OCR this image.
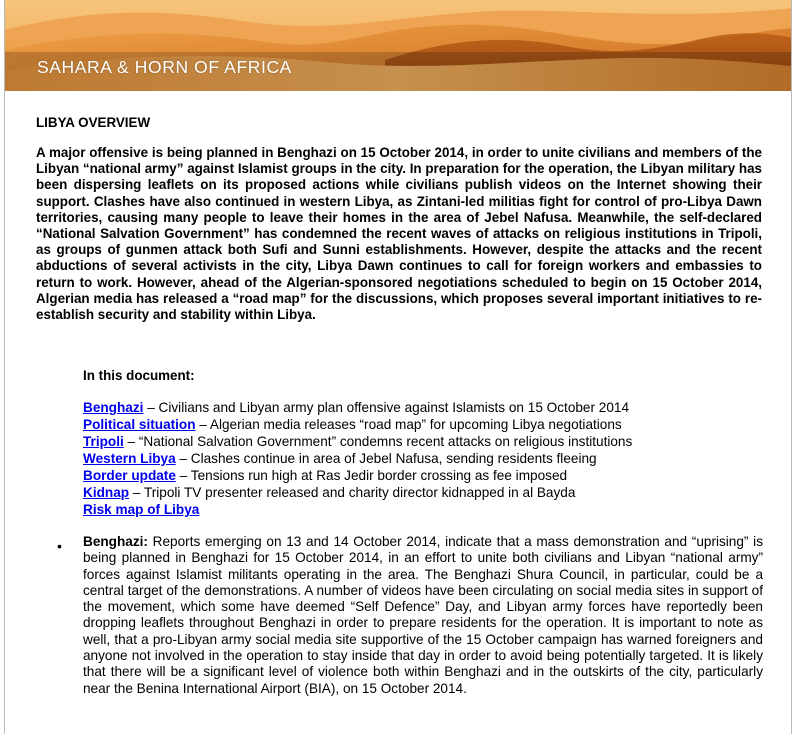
SAHARA & HORN OF AFRICA
LIBYA OVERVIEW

A major offensive is being planned in Benghazi on 15 October 2014, in order to unite civilians and members of the Libyan “national army” against Islamist groups in the city. In preparation for the operation, the Libyan military has been dispersing leaflets on its proposed actions while civilians publish videos on the Internet showing their support. Clashes have also continued in western Libya, as Zintani-led militias fight for control of pro-Libya Dawn territories, causing many people to leave their homes in the area of Jebel Nafusa. Meanwhile, the self-declared “National Salvation Government” has condemned the recent waves of attacks on religious institutions in Tripoli, as groups of gunmen attack both Sufi and Sunni establishments. However, despite the attacks and the recent abductions of several activists in the city, Libya Dawn continues to call for foreign workers and embassies to return to work. However, ahead of the Algerian-sponsored negotiations scheduled to begin on 15 October 2014, Algerian media has released a “road map” for the discussions, which proposes several important initiatives to re-establish security and stability within Libya.

In this document:
Benghazi – Civilians and Libyan army plan offensive against Islamists on 15 October 2014
Political situation – Algerian media releases “road map” for upcoming Libya negotiations
Tripoli – “National Salvation Government” condemns recent attacks on religious institutions
Western Libya – Clashes continue in area of Jebel Nafusa, sending residents fleeing
Border update – Tensions run high at Ras Jedir border crossing as fee imposed
Kidnap – Tripoli TV presenter released and charity director kidnapped in al Bayda
Risk map of Libya
• Benghazi: Reports emerging on 13 and 14 October 2014, indicate that a mass demonstration and “uprising” is being planned in Benghazi for 15 October 2014, in an effort to unite both civilians and Libyan “national army” forces against Islamist militants operating in the area. The Benghazi Shura Council, in particular, could be a central target of the demonstrations. A number of videos have been circulating on social media sites in support of the movement, which some have deemed “Self Defence” Day, and Libyan army forces have reportedly been dropping leaflets throughout Benghazi in order to prepare residents for the operation. It is important to note as well, that a pro-Libyan army social media site supportive of the 15 October campaign has warned foreigners and anyone not involved in the operation to stay inside that day in order to avoid being potentially targeted. It is likely that there will be a significant level of violence both within Benghazi and in the outskirts of the city, particularly near the Benina International Airport (BIA), on 15 October 2014.
